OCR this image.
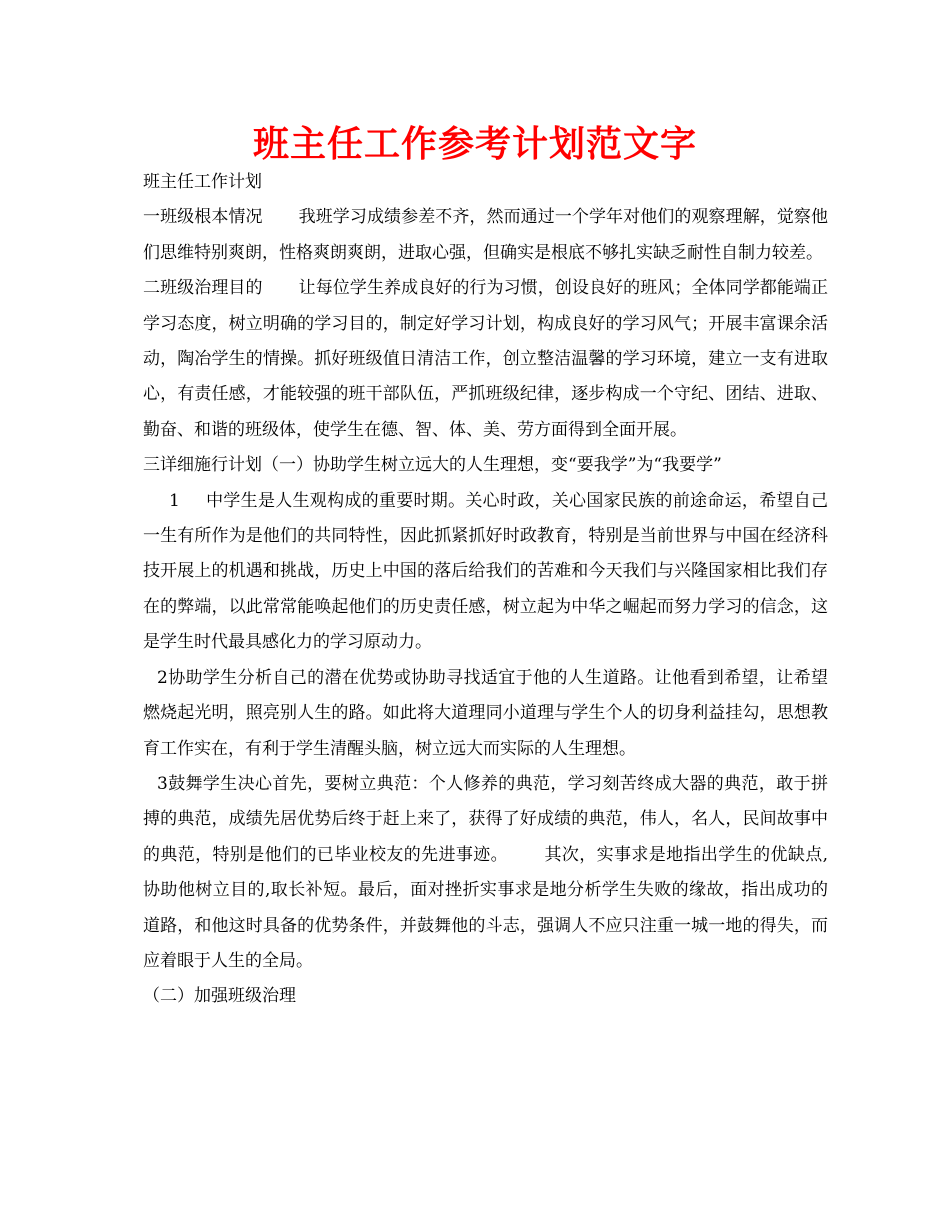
班主任工作参考计划范文字

班主任工作计划

一班级根本情况 我班学习成绩参差不齐，然而通过一个学年对他们的观察理解，觉察他们思维特别爽朗，性格爽朗爽朗，进取心强，但确实是根底不够扎实缺乏耐性自制力较差。

二班级治理目的 让每位学生养成良好的行为习惯，创设良好的班风；全体同学都能端正学习态度，树立明确的学习目的，制定好学习计划，构成良好的学习风气；开展丰富课余活动，陶冶学生的情操。抓好班级值日清洁工作，创立整洁温馨的学习环境，建立一支有进取心，有责任感，才能较强的班干部队伍，严抓班级纪律，逐步构成一个守纪、团结、进取、勤奋、和谐的班级体，使学生在德、智、体、美、劳方面得到全面开展。

三详细施行计划（一）协助学生树立远大的人生理想，变“要我学”为“我要学”

1 中学生是人生观构成的重要时期。关心时政，关心国家民族的前途命运，希望自己一生有所作为是他们的共同特性，因此抓紧抓好时政教育，特别是当前世界与中国在经济科技开展上的机遇和挑战，历史上中国的落后给我们的苦难和今天我们与兴隆国家相比我们存在的弊端，以此常常能唤起他们的历史责任感，树立起为中华之崛起而努力学习的信念，这是学生时代最具感化力的学习原动力。

2协助学生分析自己的潜在优势或协助寻找适宜于他的人生道路。让他看到希望，让希望燃烧起光明，照亮别人生的路。如此将大道理同小道理与学生个人的切身利益挂勾，思想教育工作实在，有利于学生清醒头脑，树立远大而实际的人生理想。

3鼓舞学生决心首先，要树立典范：个人修养的典范，学习刻苦终成大器的典范，敢于拼搏的典范，成绩先居优势后终于赶上来了，获得了好成绩的典范，伟人，名人，民间故事中的典范，特别是他们的已毕业校友的先进事迹。 其次，实事求是地指出学生的优缺点,协助他树立目的,取长补短。最后，面对挫折实事求是地分析学生失败的缘故，指出成功的道路，和他这时具备的优势条件，并鼓舞他的斗志，强调人不应只注重一城一地的得失，而应着眼于人生的全局。

（二）加强班级治理
